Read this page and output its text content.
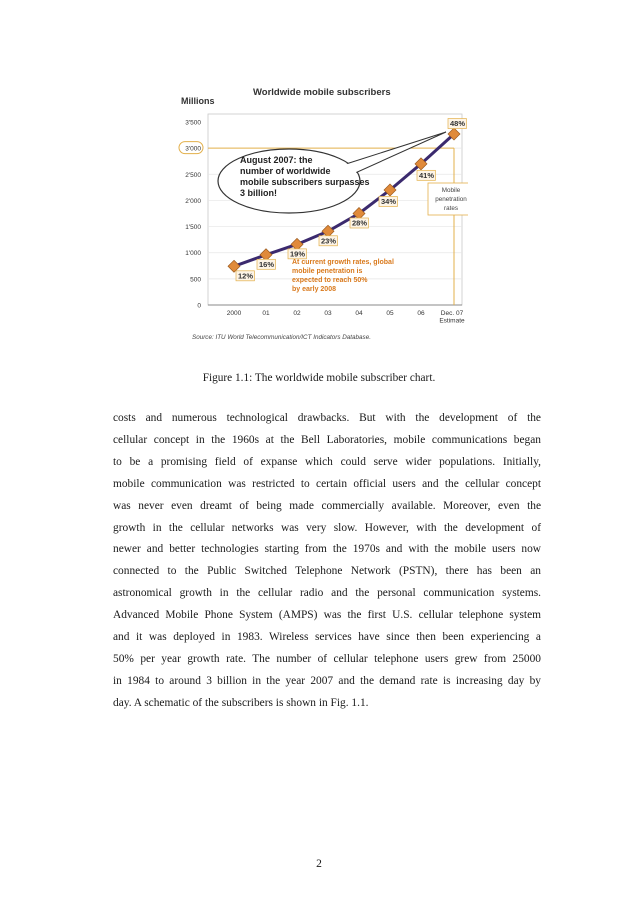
Worldwide mobile subscribers
Millions
0
500
1'000
1'500
2'000
2'500
3'000
3'500
2000	01	02	03	04	05	06 Dec. 07 Estimate
12%
16%
19%
23%
28%
34%
41%
48%
August 2007: the number of worldwide mobile subscribers surpasses 3 billion!	Mobile penetration rates
At current growth rates, global mobile penetration is expected to reach 50% by early 2008
Source: ITU World Telecommunication/ICT Indicators Database.
Figure 1.1: The worldwide mobile subscriber chart.
costs and numerous technological drawbacks. But with the development of the
cellular concept in the 1960s at the Bell Laboratories, mobile communications began
to be a promising field of expanse which could serve wider populations. Initially,
mobile communication was restricted to certain official users and the cellular concept
was never even dreamt of being made commercially available. Moreover, even the
growth in the cellular networks was very slow. However, with the development of
newer and better technologies starting from the 1970s and with the mobile users now
connected to the Public Switched Telephone Network (PSTN), there has been an
astronomical growth in the cellular radio and the personal communication systems.
Advanced Mobile Phone System (AMPS) was the first U.S. cellular telephone system
and it was deployed in 1983. Wireless services have since then been experiencing a
50% per year growth rate. The number of cellular telephone users grew from 25000
in 1984 to around 3 billion in the year 2007 and the demand rate is increasing day by
day. A schematic of the subscribers is shown in Fig. 1.1.
2
